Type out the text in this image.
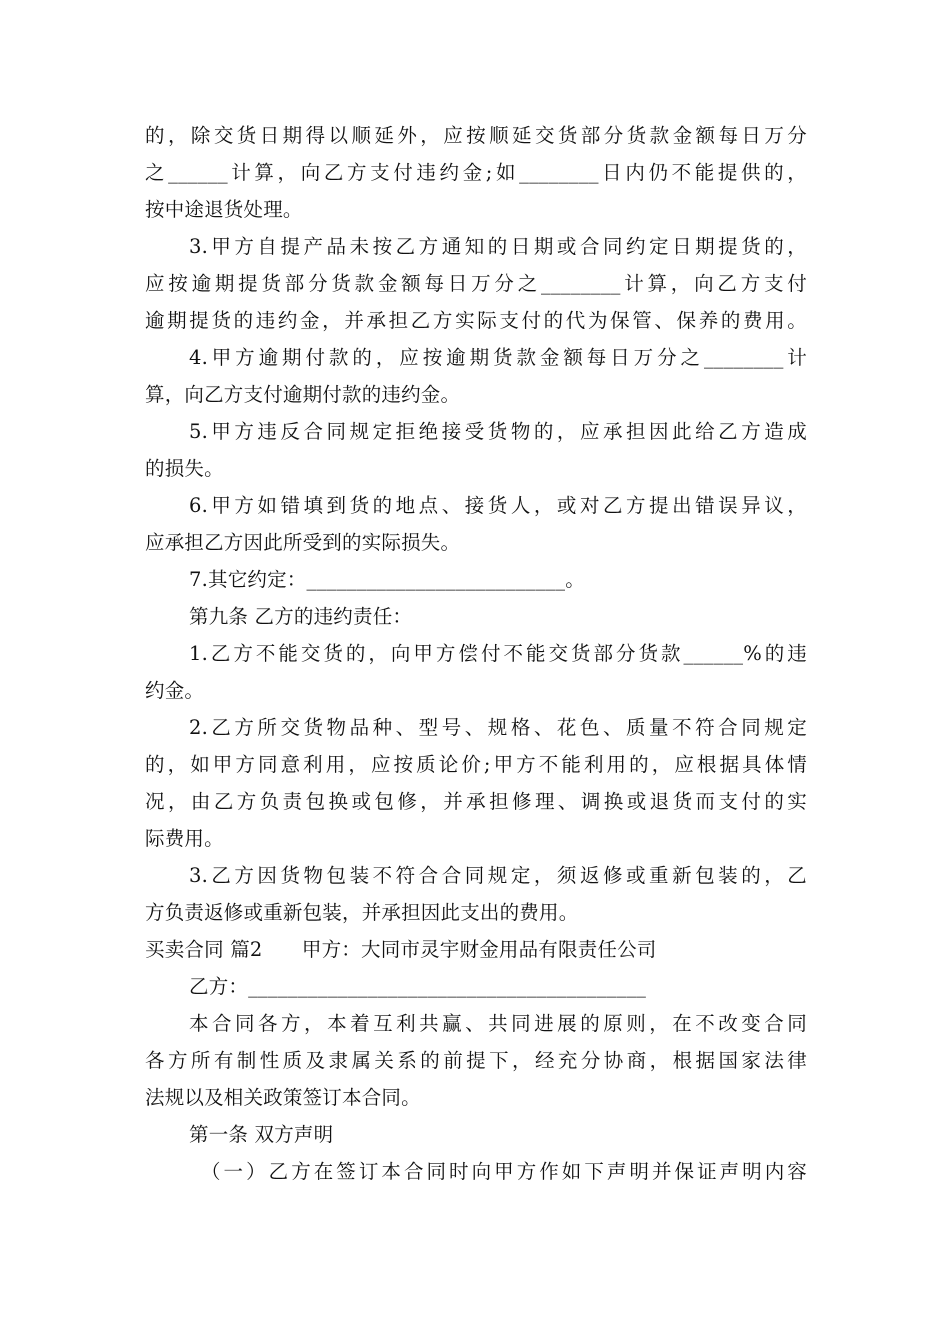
的，除交货日期得以顺延外，应按顺延交货部分货款金额每日万分
之______计算，向乙方支付违约金;如________日内仍不能提供的，
按中途退货处理。
3.甲方自提产品未按乙方通知的日期或合同约定日期提货的，
应按逾期提货部分货款金额每日万分之________计算，向乙方支付
逾期提货的违约金，并承担乙方实际支付的代为保管、保养的费用。
4.甲方逾期付款的，应按逾期货款金额每日万分之________计
算，向乙方支付逾期付款的违约金。
5.甲方违反合同规定拒绝接受货物的，应承担因此给乙方造成
的损失。
6.甲方如错填到货的地点、接货人，或对乙方提出错误异议，
应承担乙方因此所受到的实际损失。
7.其它约定：__________________________。
第九条 乙方的违约责任：
1.乙方不能交货的，向甲方偿付不能交货部分货款______%的违
约金。
2.乙方所交货物品种、型号、规格、花色、质量不符合同规定
的，如甲方同意利用，应按质论价;甲方不能利用的，应根据具体情
况，由乙方负责包换或包修，并承担修理、调换或退货而支付的实
际费用。
3.乙方因货物包装不符合合同规定，须返修或重新包装的，乙
方负责返修或重新包装，并承担因此支出的费用。
买卖合同 篇2　　甲方：大同市灵宇财金用品有限责任公司
乙方：________________________________________
本合同各方，本着互利共赢、共同进展的原则，在不改变合同
各方所有制性质及隶属关系的前提下，经充分协商，根据国家法律
法规以及相关政策签订本合同。
第一条 双方声明
（一）乙方在签订本合同时向甲方作如下声明并保证声明内容
